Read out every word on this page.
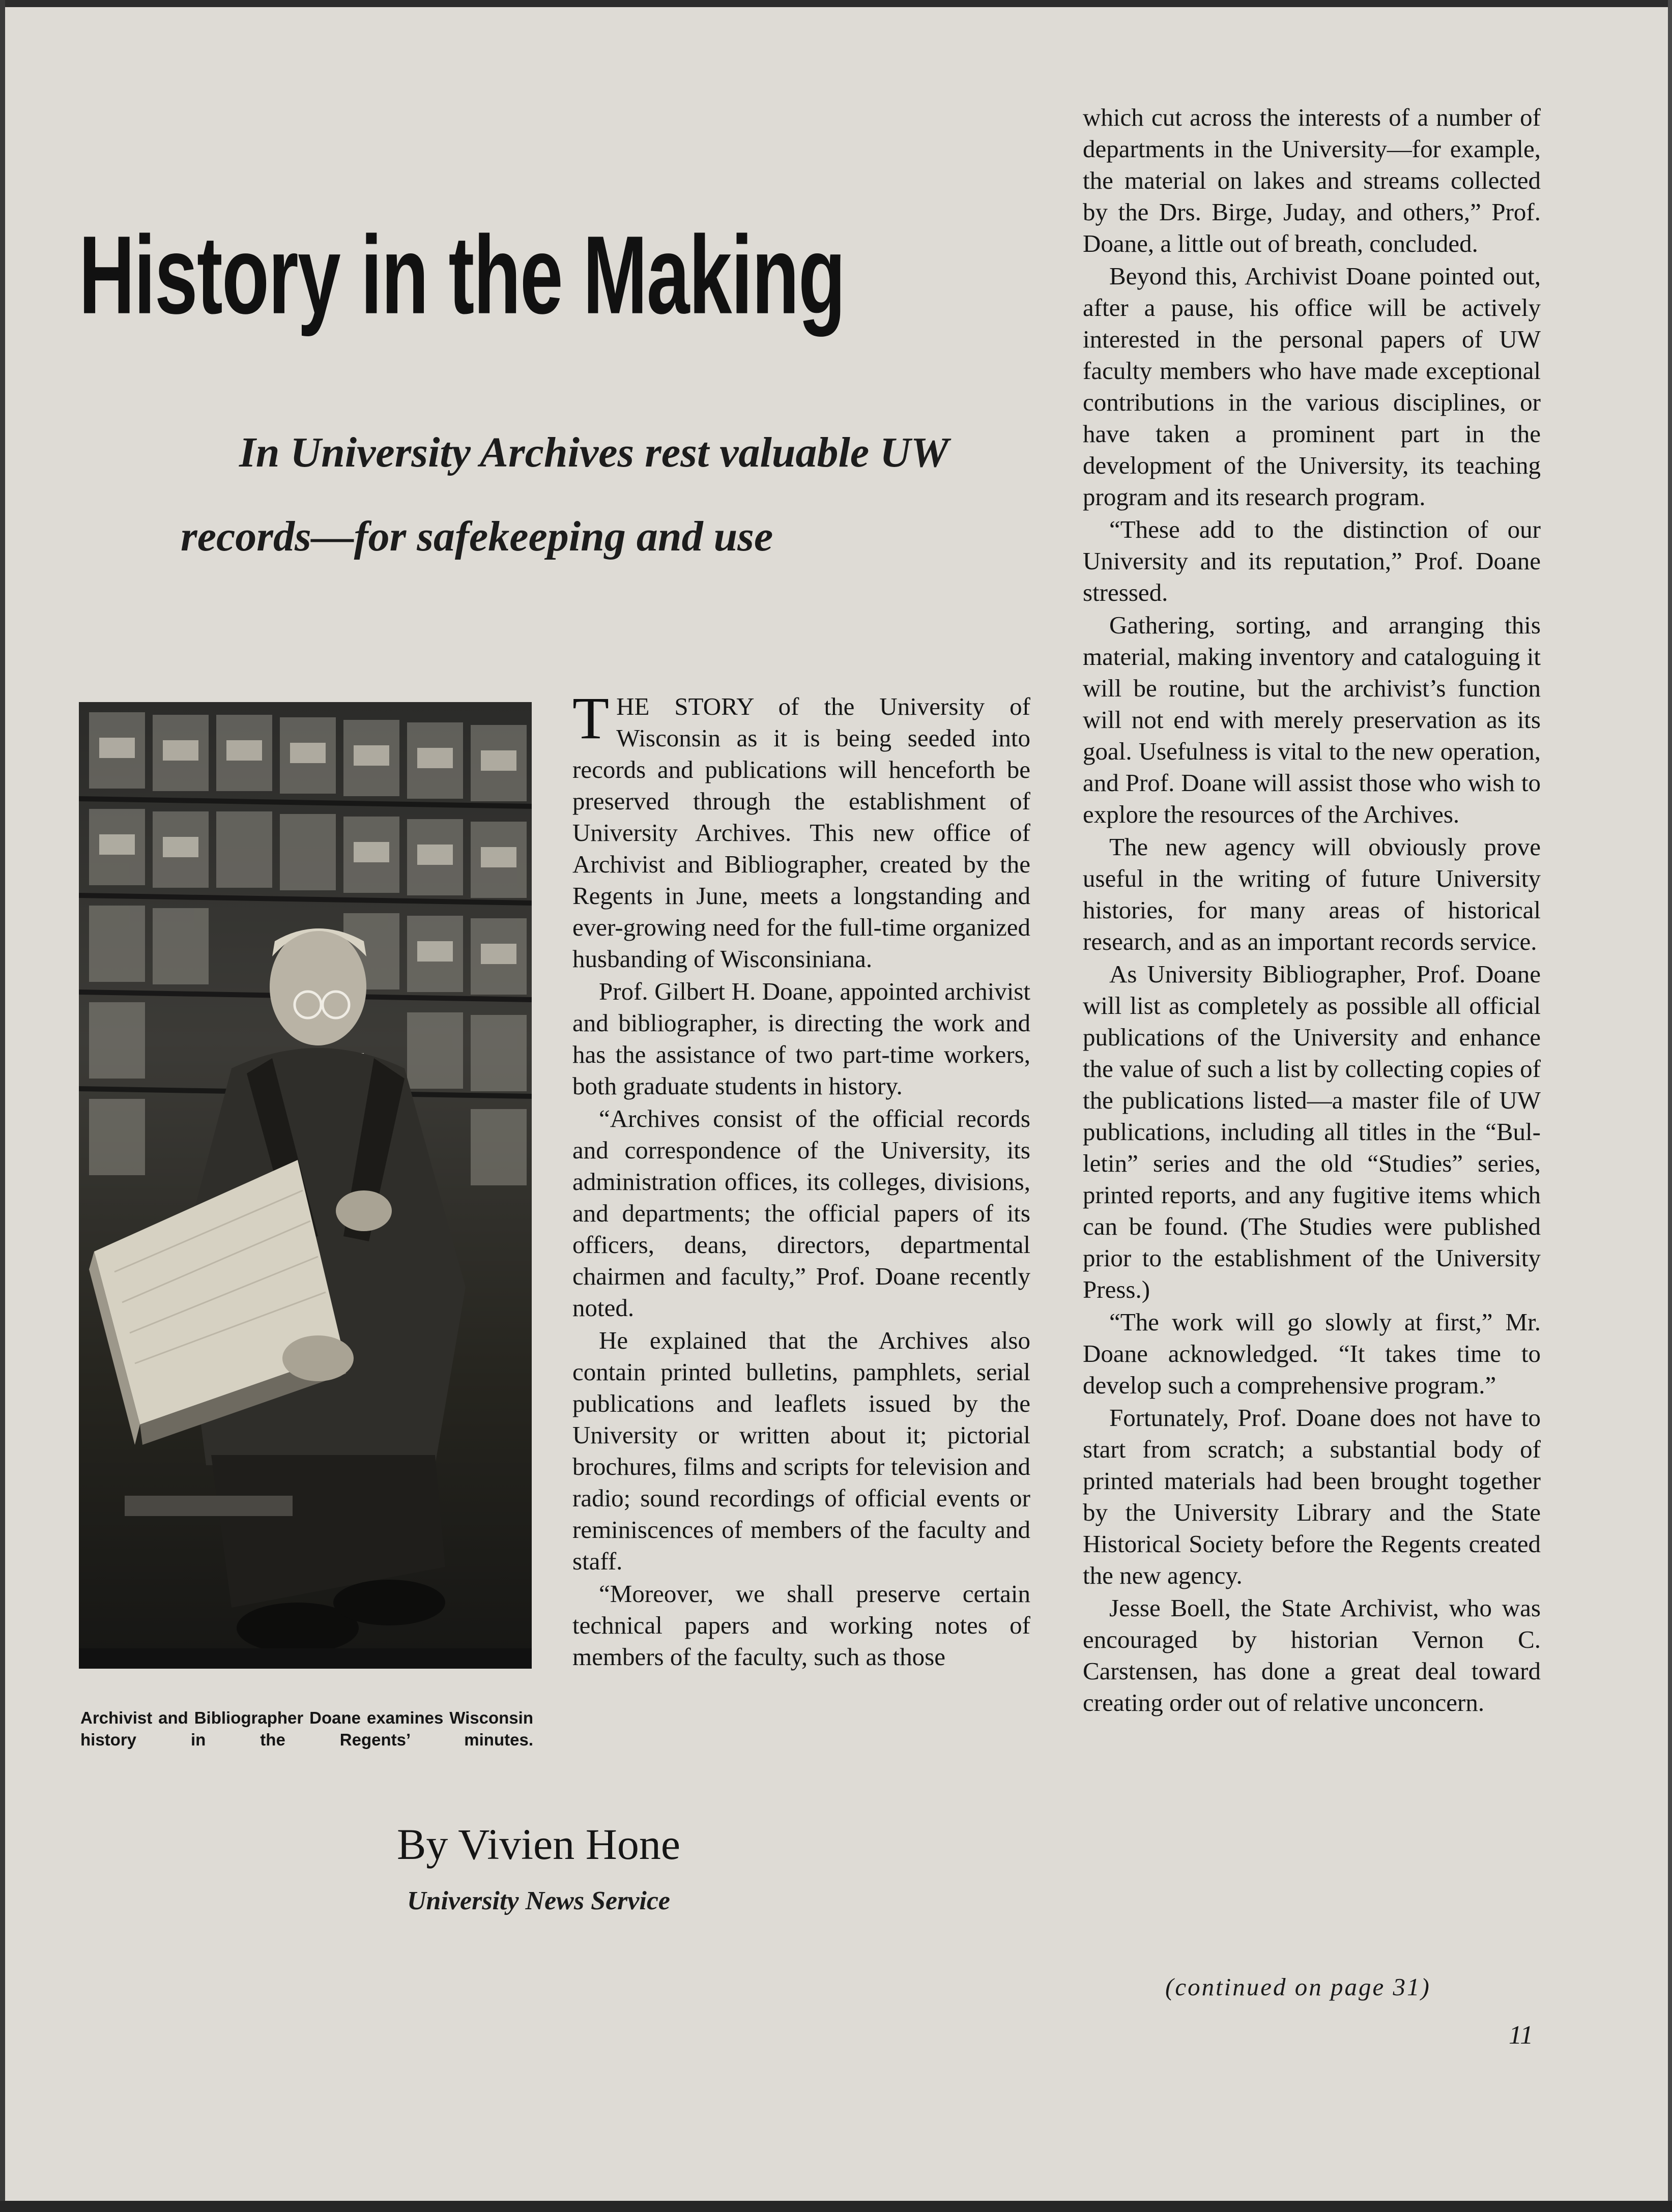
History in the Making

In University Archives rest valuable UW

records—for safekeeping and use

Archivist and Bibliographer Doane examines Wisconsin history in the Regents’ minutes.

THE STORY of the University of Wisconsin as it is being seeded into records and publications will henceforth be preserved through the establishment of University Archives. This new office of Archivist and Bibliographer, created by the Regents in June, meets a longstanding and ever-growing need for the full-time organized husbanding of Wisconsiniana.

Prof. Gilbert H. Doane, appointed archivist and bibliographer, is directing the work and has the assistance of two part-time workers, both graduate students in history.

“Archives consist of the official records and correspondence of the University, its administration offices, its colleges, divisions, and departments; the official papers of its officers, deans, directors, departmental chairmen and faculty,” Prof. Doane recently noted.

He explained that the Archives also contain printed bulletins, pamphlets, serial publications and leaflets issued by the University or written about it; pictorial brochures, films and scripts for television and radio; sound recordings of official events or reminiscences of members of the faculty and staff.

“Moreover, we shall preserve certain technical papers and working notes of members of the faculty, such as those

which cut across the interests of a number of departments in the University—for example, the material on lakes and streams collected by the Drs. Birge, Juday, and others,” Prof. Doane, a little out of breath, concluded.

Beyond this, Archivist Doane pointed out, after a pause, his office will be actively interested in the personal papers of UW faculty members who have made exceptional contributions in the various disciplines, or have taken a prominent part in the development of the University, its teaching program and its research program.

“These add to the distinction of our University and its reputation,” Prof. Doane stressed.

Gathering, sorting, and arranging this material, making inventory and cataloguing it will be routine, but the archivist’s function will not end with merely preservation as its goal. Usefulness is vital to the new operation, and Prof. Doane will assist those who wish to explore the resources of the Archives.

The new agency will obviously prove useful in the writing of future University histories, for many areas of historical research, and as an important records service.

As University Bibliographer, Prof. Doane will list as completely as possible all official publications of the University and enhance the value of such a list by collecting copies of the publications listed—a master file of UW publications, including all titles in the “Bulletin” series and the old “Studies” series, printed reports, and any fugitive items which can be found. (The Studies were published prior to the establishment of the University Press.)

“The work will go slowly at first,” Mr. Doane acknowledged. “It takes time to develop such a comprehensive program.”

Fortunately, Prof. Doane does not have to start from scratch; a substantial body of printed materials had been brought together by the University Library and the State Historical Society before the Regents created the new agency.

Jesse Boell, the State Archivist, who was encouraged by historian Vernon C. Carstensen, has done a great deal toward creating order out of relative unconcern.

(continued on page 31)

By Vivien Hone

University News Service

11
